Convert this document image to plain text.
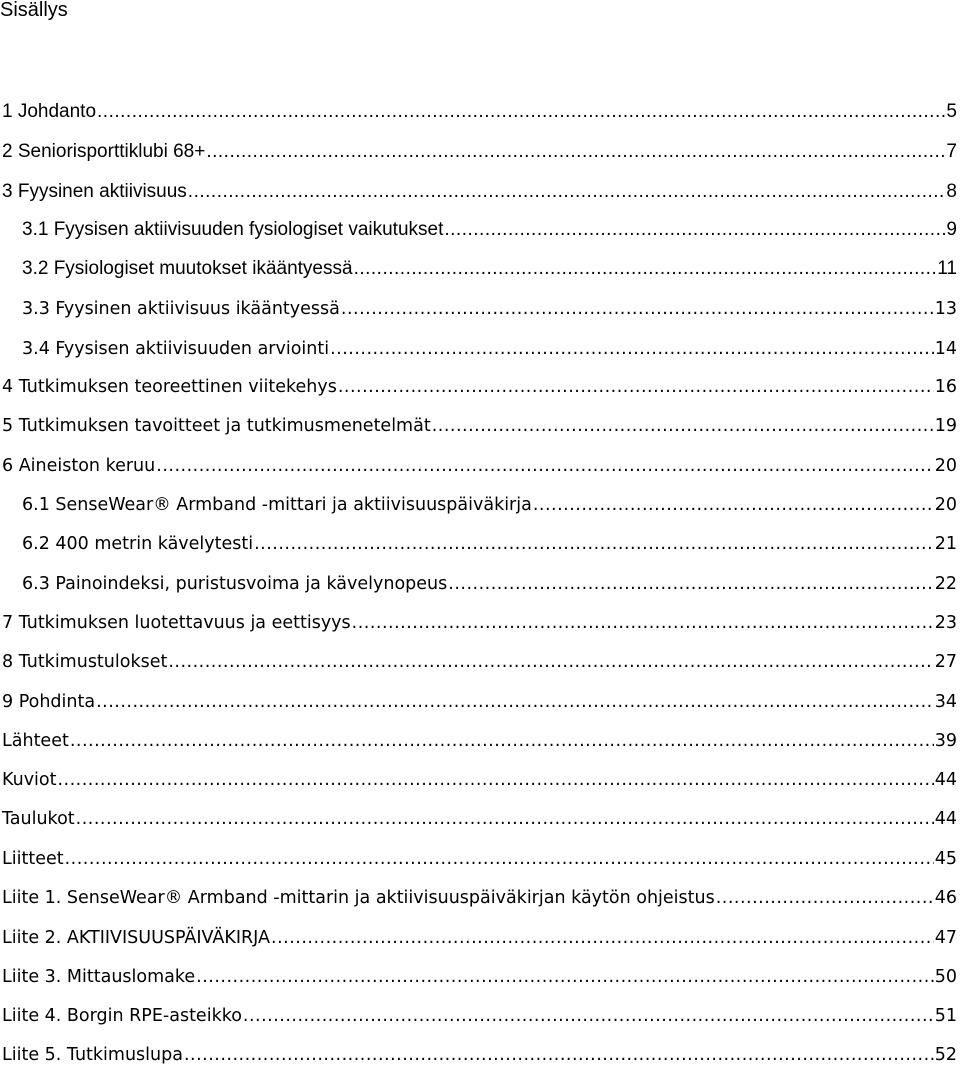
Sisällys
1 Johdanto .....	5
2 Seniorisporttiklubi 68+ .....	7
3 Fyysinen aktiivisuus .....	8
3.1 Fyysisen aktiivisuuden fysiologiset vaikutukset .....	9
3.2 Fysiologiset muutokset ikääntyessä .....	11
3.3 Fyysinen aktiivisuus ikääntyessä .....	13
3.4 Fyysisen aktiivisuuden arviointi .....	14
4 Tutkimuksen teoreettinen viitekehys .....	16
5 Tutkimuksen tavoitteet ja tutkimusmenetelmät .....	19
6 Aineiston keruu .....	20
6.1 SenseWear® Armband -mittari ja aktiivisuuspäiväkirja .....	20
6.2 400 metrin kävelytesti .....	21
6.3 Painoindeksi, puristusvoima ja kävelynopeus .....	22
7 Tutkimuksen luotettavuus ja eettisyys .....	23
8 Tutkimustulokset .....	27
9 Pohdinta .....	34
Lähteet .....	39
Kuviot .....	44
Taulukot .....	44
Liitteet .....	45
Liite 1. SenseWear® Armband -mittarin ja aktiivisuuspäiväkirjan käytön ohjeistus .....	46
Liite 2. AKTIIVISUUSPÄIVÄKIRJA .....	47
Liite 3. Mittauslomake .....	50
Liite 4. Borgin RPE-asteikko .....	51
Liite 5. Tutkimuslupa .....	52
